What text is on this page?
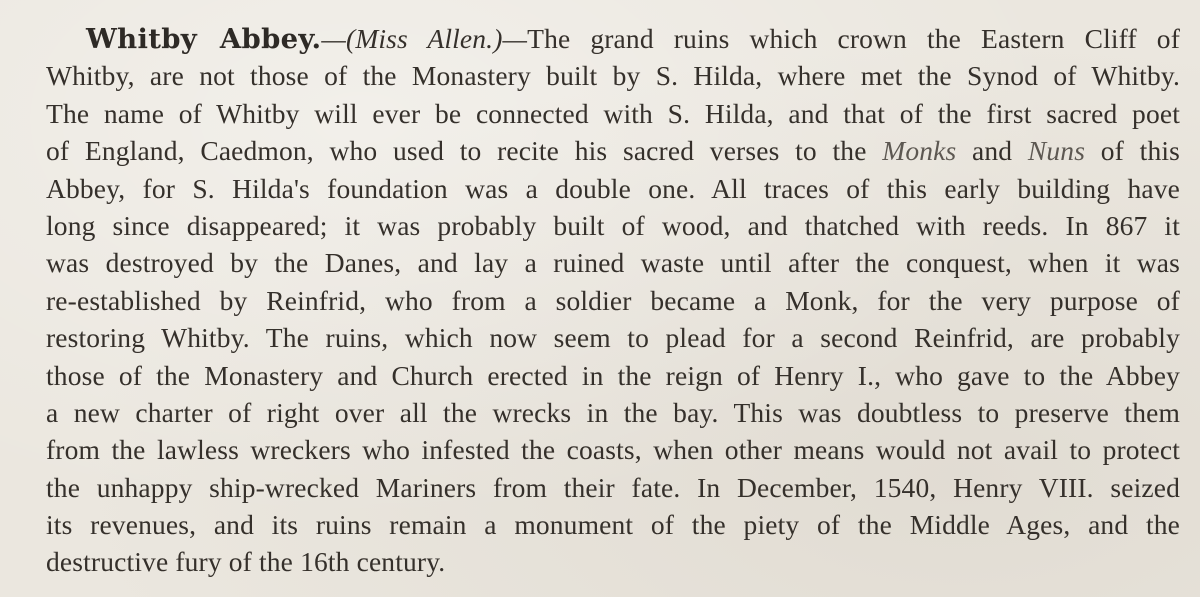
Whitby Abbey.—(Miss Allen.)—The grand ruins which crown the Eastern Cliff of
Whitby, are not those of the Monastery built by S. Hilda, where met the Synod of Whitby.
The name of Whitby will ever be connected with S. Hilda, and that of the first sacred poet
of England, Caedmon, who used to recite his sacred verses to the Monks and Nuns of this
Abbey, for S. Hilda's foundation was a double one. All traces of this early building have
long since disappeared; it was probably built of wood, and thatched with reeds. In 867 it
was destroyed by the Danes, and lay a ruined waste until after the conquest, when it was
re-established by Reinfrid, who from a soldier became a Monk, for the very purpose of
restoring Whitby. The ruins, which now seem to plead for a second Reinfrid, are probably
those of the Monastery and Church erected in the reign of Henry I., who gave to the Abbey
a new charter of right over all the wrecks in the bay. This was doubtless to preserve them
from the lawless wreckers who infested the coasts, when other means would not avail to protect
the unhappy ship-wrecked Mariners from their fate. In December, 1540, Henry VIII. seized
its revenues, and its ruins remain a monument of the piety of the Middle Ages, and the
destructive fury of the 16th century.
